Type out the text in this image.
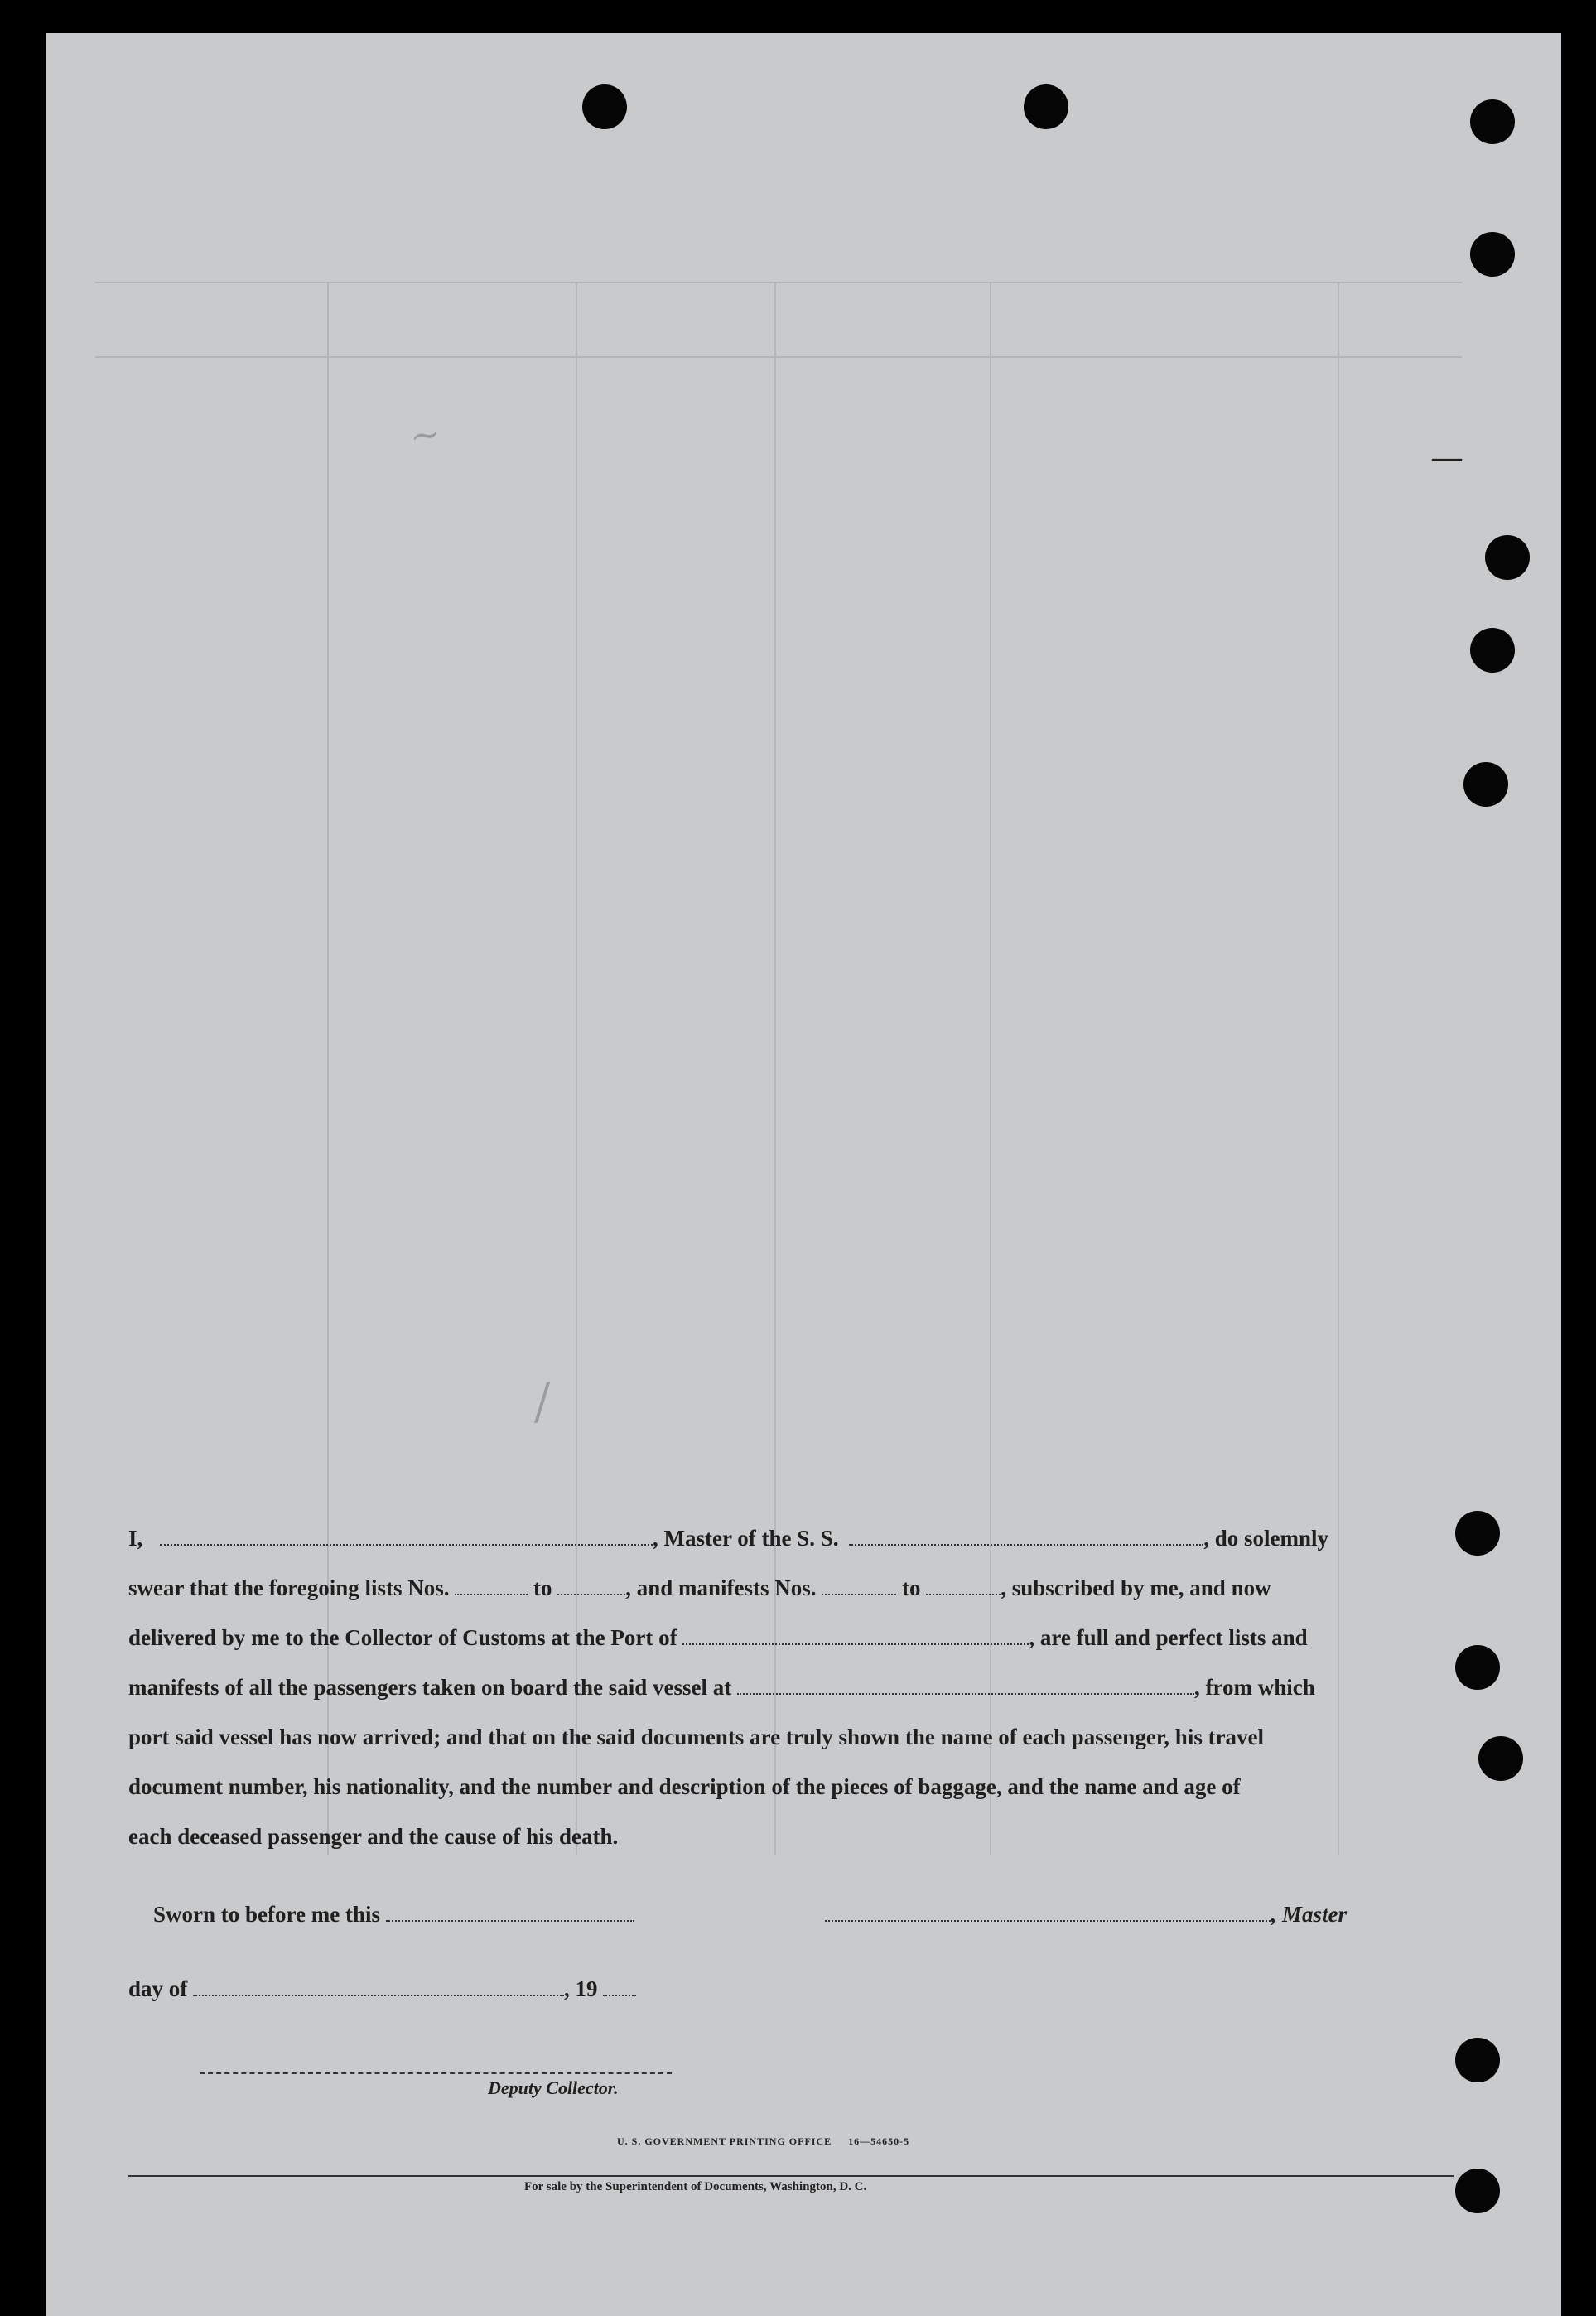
~
/
—
I,	, Master of the S. S.	, do solemnly
swear that the foregoing lists Nos.	to	, and manifests Nos.	to	, subscribed by me, and now
delivered by me to the Collector of Customs at the Port of	, are full and perfect lists and
manifests of all the passengers taken on board the said vessel at	, from which
port said vessel has now arrived; and that on the said documents are truly shown the name of each passenger, his travel
document number, his nationality, and the number and description of the pieces of baggage, and the name and age of
each deceased passenger and the cause of his death.
Sworn to before me this	, Master
day of	, 19
Deputy Collector.
U. S. GOVERNMENT PRINTING OFFICE 16—54650-5
For sale by the Superintendent of Documents, Washington, D. C.
